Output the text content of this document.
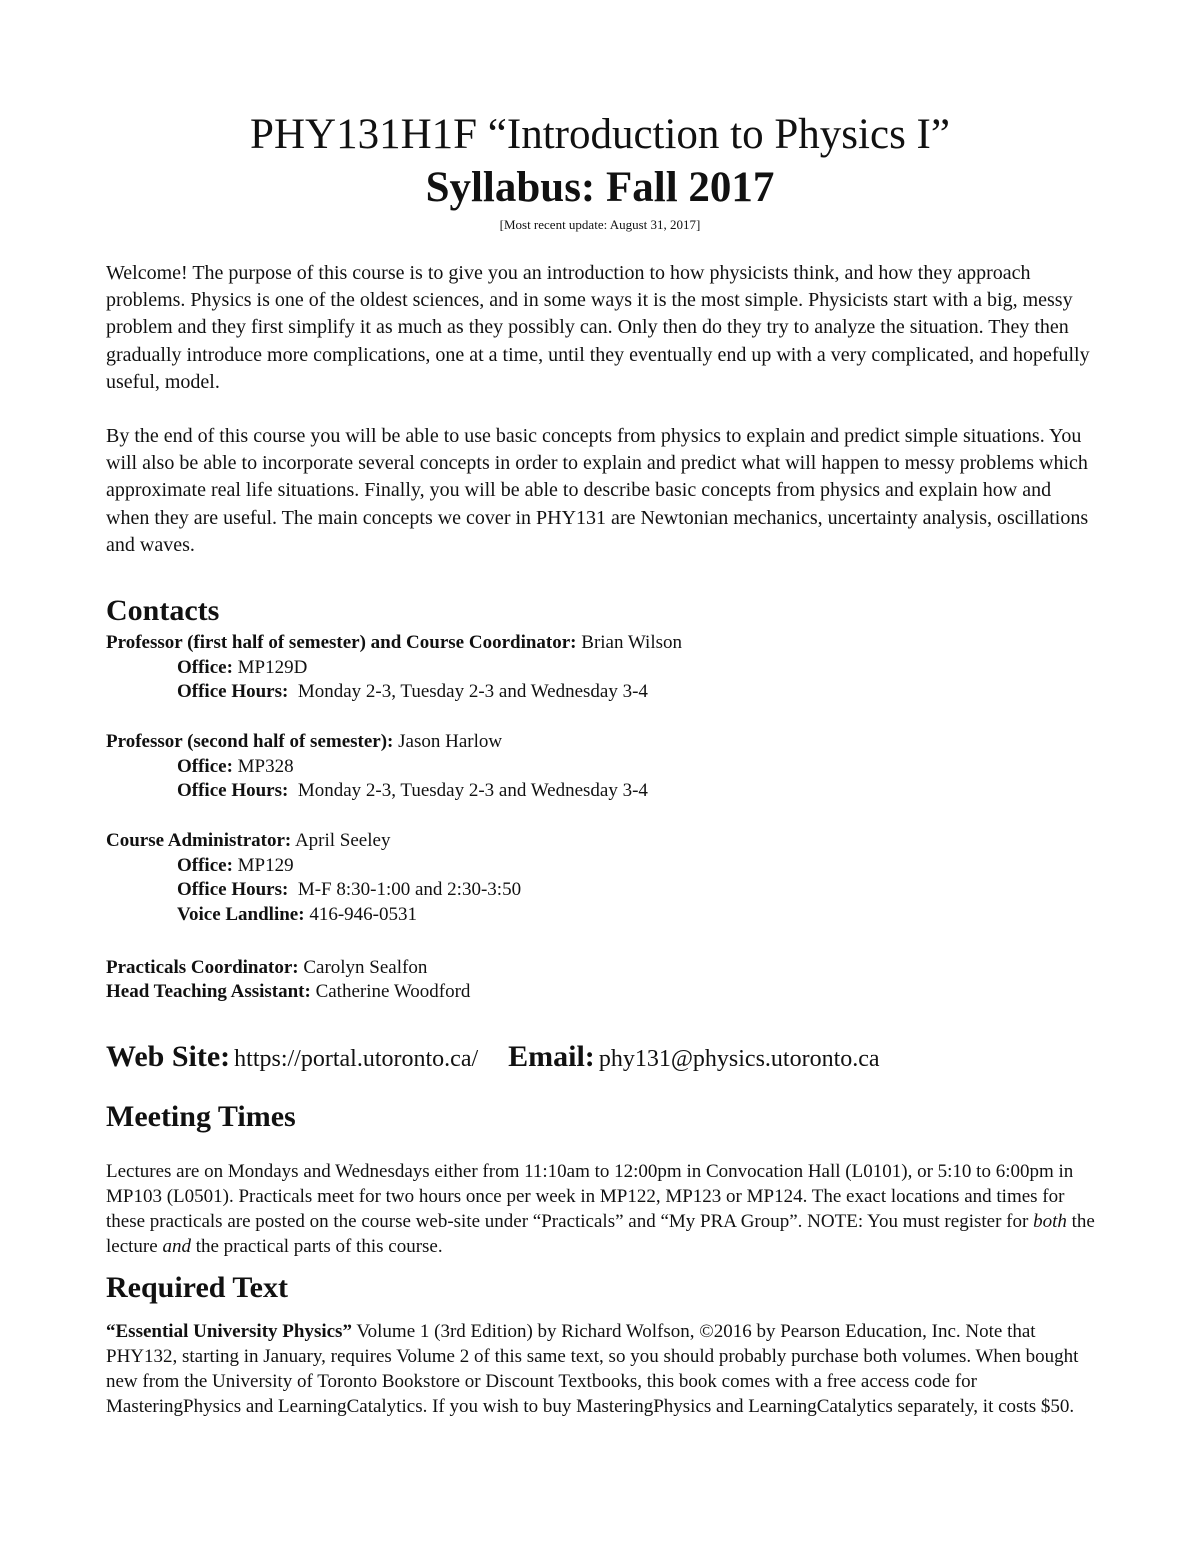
PHY131H1F “Introduction to Physics I”
Syllabus: Fall 2017
[Most recent update: August 31, 2017]

Welcome! The purpose of this course is to give you an introduction to how physicists think, and how they approach problems. Physics is one of the oldest sciences, and in some ways it is the most simple. Physicists start with a big, messy problem and they first simplify it as much as they possibly can. Only then do they try to analyze the situation. They then gradually introduce more complications, one at a time, until they eventually end up with a very complicated, and hopefully useful, model.

By the end of this course you will be able to use basic concepts from physics to explain and predict simple situations. You will also be able to incorporate several concepts in order to explain and predict what will happen to messy problems which approximate real life situations. Finally, you will be able to describe basic concepts from physics and explain how and when they are useful. The main concepts we cover in PHY131 are Newtonian mechanics, uncertainty analysis, oscillations and waves.

Contacts
Professor (first half of semester) and Course Coordinator: Brian Wilson
Office: MP129D
Office Hours: Monday 2-3, Tuesday 2-3 and Wednesday 3-4
Professor (second half of semester): Jason Harlow
Office: MP328
Office Hours: Monday 2-3, Tuesday 2-3 and Wednesday 3-4
Course Administrator: April Seeley
Office: MP129
Office Hours: M-F 8:30-1:00 and 2:30-3:50
Voice Landline: 416-946-0531
Practicals Coordinator: Carolyn Sealfon
Head Teaching Assistant: Catherine Woodford
Web Site: https://portal.utoronto.ca/ Email: phy131@physics.utoronto.ca
Meeting Times

Lectures are on Mondays and Wednesdays either from 11:10am to 12:00pm in Convocation Hall (L0101), or 5:10 to 6:00pm in MP103 (L0501). Practicals meet for two hours once per week in MP122, MP123 or MP124. The exact locations and times for these practicals are posted on the course web-site under “Practicals” and “My PRA Group”. NOTE: You must register for both the lecture and the practical parts of this course.

Required Text

“Essential University Physics” Volume 1 (3rd Edition) by Richard Wolfson, ©2016 by Pearson Education, Inc. Note that PHY132, starting in January, requires Volume 2 of this same text, so you should probably purchase both volumes. When bought new from the University of Toronto Bookstore or Discount Textbooks, this book comes with a free access code for MasteringPhysics and LearningCatalytics. If you wish to buy MasteringPhysics and LearningCatalytics separately, it costs $50.
